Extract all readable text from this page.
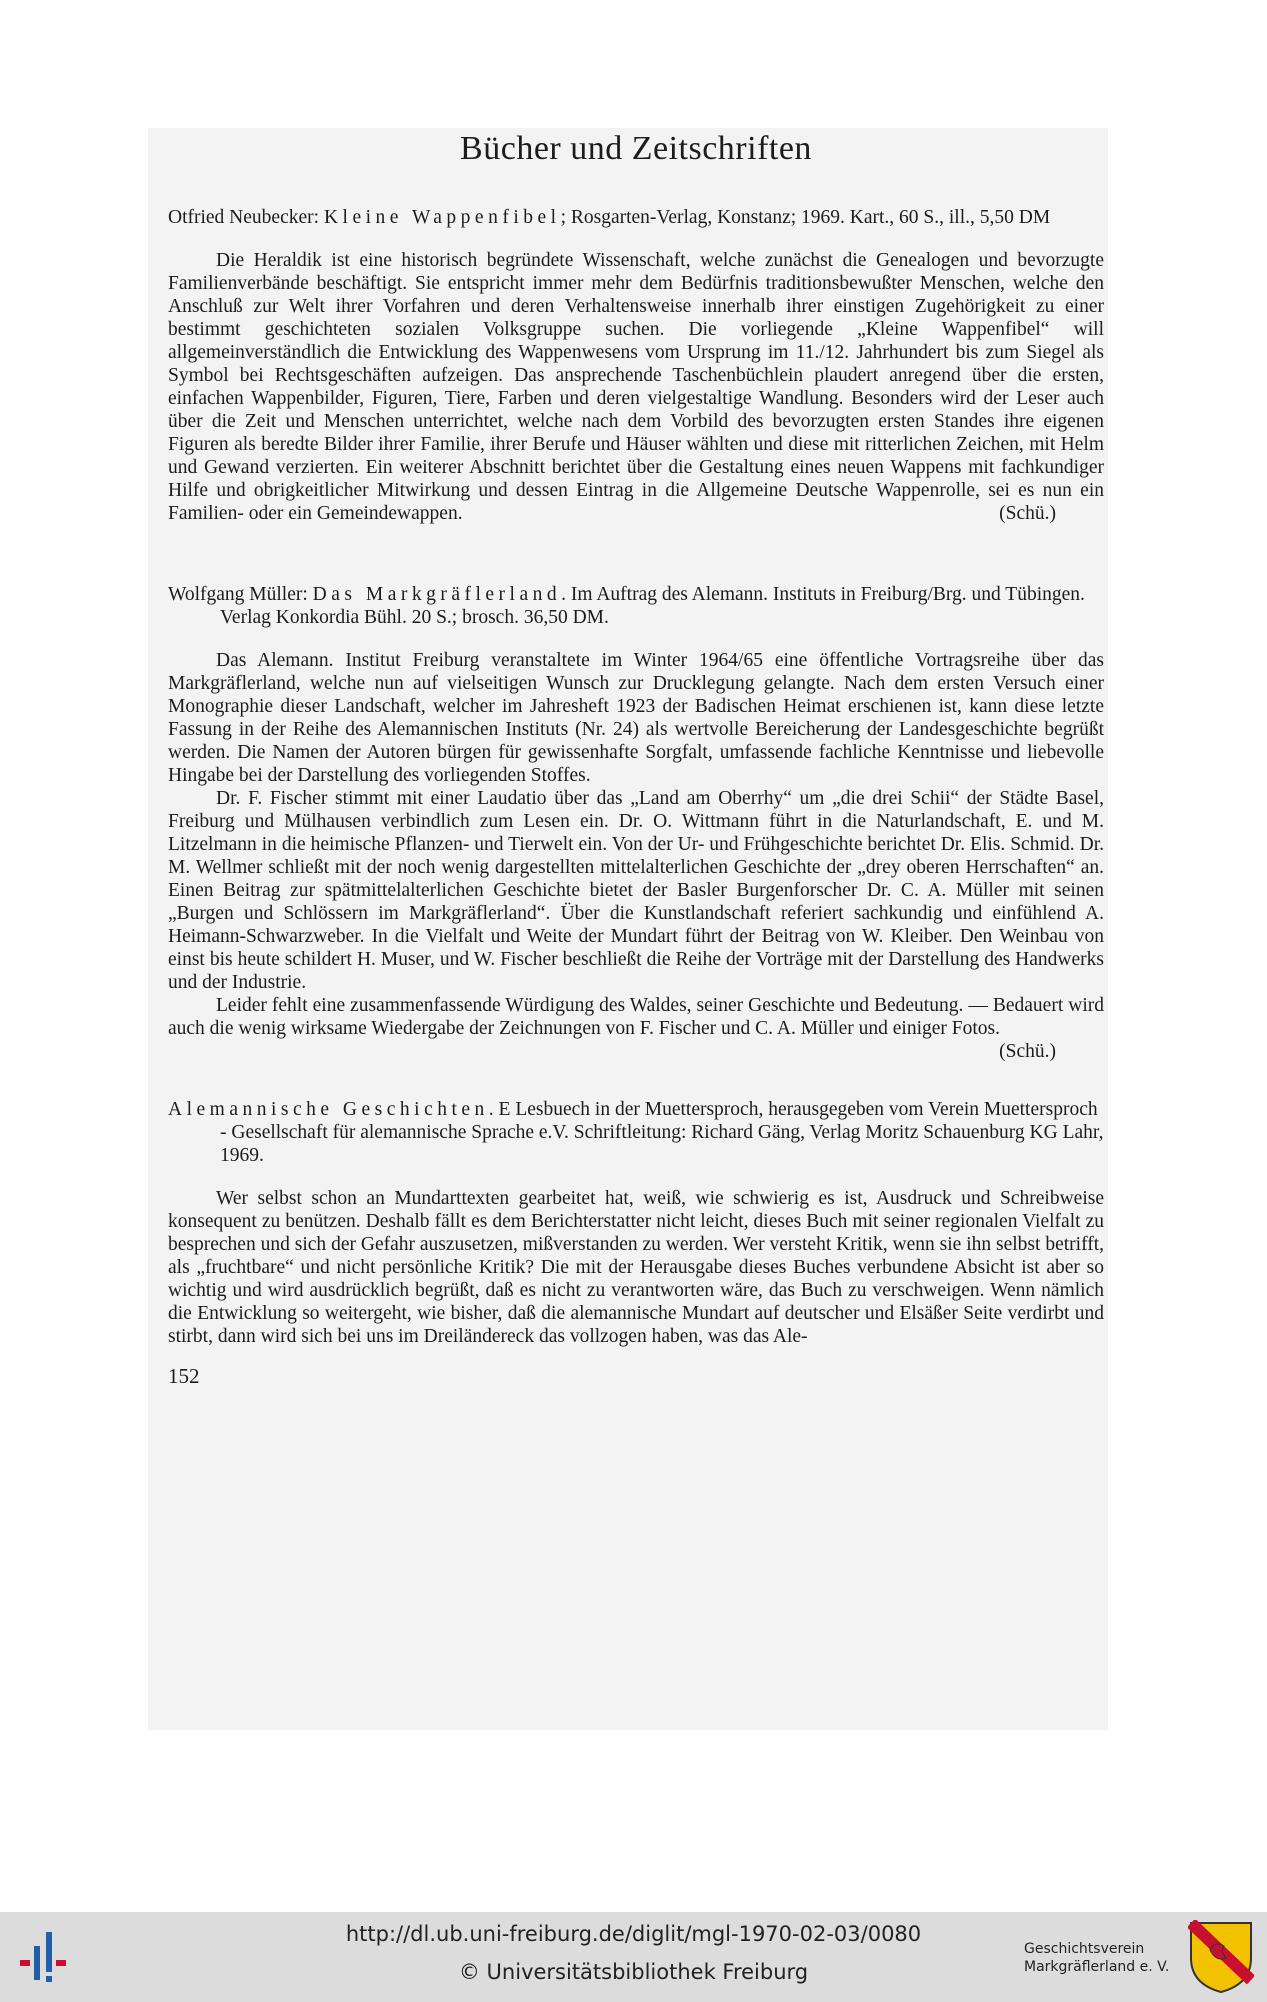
Bücher und Zeitschriften
Otfried Neubecker: Kleine Wappenfibel; Rosgarten-Verlag, Konstanz; 1969. Kart., 60 S., ill., 5,50 DM

Die Heraldik ist eine historisch begründete Wissenschaft, welche zunächst die Genealogen und bevorzugte Familienverbände beschäftigt. Sie entspricht immer mehr dem Bedürfnis traditionsbewußter Menschen, welche den Anschluß zur Welt ihrer Vorfahren und deren Verhaltensweise innerhalb ihrer einstigen Zugehörigkeit zu einer bestimmt geschichteten sozialen Volksgruppe suchen. Die vorliegende „Kleine Wappenfibel“ will allgemeinverständlich die Entwicklung des Wappenwesens vom Ursprung im 11./12. Jahrhundert bis zum Siegel als Symbol bei Rechtsgeschäften aufzeigen. Das ansprechende Taschenbüchlein plaudert anregend über die ersten, einfachen Wappenbilder, Figuren, Tiere, Farben und deren vielgestaltige Wandlung. Besonders wird der Leser auch über die Zeit und Menschen unterrichtet, welche nach dem Vorbild des bevorzugten ersten Standes ihre eigenen Figuren als beredte Bilder ihrer Familie, ihrer Berufe und Häuser wählten und diese mit ritterlichen Zeichen, mit Helm und Gewand verzierten. Ein weiterer Abschnitt berichtet über die Gestaltung eines neuen Wappens mit fachkundiger Hilfe und obrigkeitlicher Mitwirkung und dessen Eintrag in die Allgemeine Deutsche Wappenrolle, sei es nun ein Familien- oder ein Gemeindewappen.	(Schü.)

Wolfgang Müller: Das Markgräflerland. Im Auftrag des Alemann. Instituts in Freiburg/Brg. und Tübingen. Verlag Konkordia Bühl. 20 S.; brosch. 36,50 DM.

Das Alemann. Institut Freiburg veranstaltete im Winter 1964/65 eine öffentliche Vortragsreihe über das Markgräflerland, welche nun auf vielseitigen Wunsch zur Drucklegung gelangte. Nach dem ersten Versuch einer Monographie dieser Landschaft, welcher im Jahresheft 1923 der Badischen Heimat erschienen ist, kann diese letzte Fassung in der Reihe des Alemannischen Instituts (Nr. 24) als wertvolle Bereicherung der Landesgeschichte begrüßt werden. Die Namen der Autoren bürgen für gewissenhafte Sorgfalt, umfassende fachliche Kenntnisse und liebevolle Hingabe bei der Darstellung des vorliegenden Stoffes.

Dr. F. Fischer stimmt mit einer Laudatio über das „Land am Oberrhy“ um „die drei Schii“ der Städte Basel, Freiburg und Mülhausen verbindlich zum Lesen ein. Dr. O. Wittmann führt in die Naturlandschaft, E. und M. Litzelmann in die heimische Pflanzen- und Tierwelt ein. Von der Ur- und Frühgeschichte berichtet Dr. Elis. Schmid. Dr. M. Wellmer schließt mit der noch wenig dargestellten mittelalterlichen Geschichte der „drey oberen Herrschaften“ an. Einen Beitrag zur spätmittelalterlichen Geschichte bietet der Basler Burgenforscher Dr. C. A. Müller mit seinen „Burgen und Schlössern im Markgräflerland“. Über die Kunstlandschaft referiert sachkundig und einfühlend A. Heimann-Schwarzweber. In die Vielfalt und Weite der Mundart führt der Beitrag von W. Kleiber. Den Weinbau von einst bis heute schildert H. Muser, und W. Fischer beschließt die Reihe der Vorträge mit der Darstellung des Handwerks und der Industrie.

Leider fehlt eine zusammenfassende Würdigung des Waldes, seiner Geschichte und Bedeutung. — Bedauert wird auch die wenig wirksame Wiedergabe der Zeichnungen von F. Fischer und C. A. Müller und einiger Fotos.
(Schü.)

Alemannische Geschichten. E Lesbuech in der Muettersproch, herausgegeben vom Verein Muettersproch - Gesellschaft für alemannische Sprache e.V. Schriftleitung: Richard Gäng, Verlag Moritz Schauenburg KG Lahr, 1969.

Wer selbst schon an Mundarttexten gearbeitet hat, weiß, wie schwierig es ist, Ausdruck und Schreibweise konsequent zu benützen. Deshalb fällt es dem Berichterstatter nicht leicht, dieses Buch mit seiner regionalen Vielfalt zu besprechen und sich der Gefahr auszusetzen, mißverstanden zu werden. Wer versteht Kritik, wenn sie ihn selbst betrifft, als „fruchtbare“ und nicht persönliche Kritik? Die mit der Herausgabe dieses Buches verbundene Absicht ist aber so wichtig und wird ausdrücklich begrüßt, daß es nicht zu verantworten wäre, das Buch zu verschweigen. Wenn nämlich die Entwicklung so weitergeht, wie bisher, daß die alemannische Mundart auf deutscher und Elsäßer Seite verdirbt und stirbt, dann wird sich bei uns im Dreiländereck das vollzogen haben, was das Ale-

152
http://dl.ub.uni-freiburg.de/diglit/mgl-1970-02-03/0080
© Universitätsbibliothek Freiburg
Geschichtsverein
Markgräflerland e. V.
